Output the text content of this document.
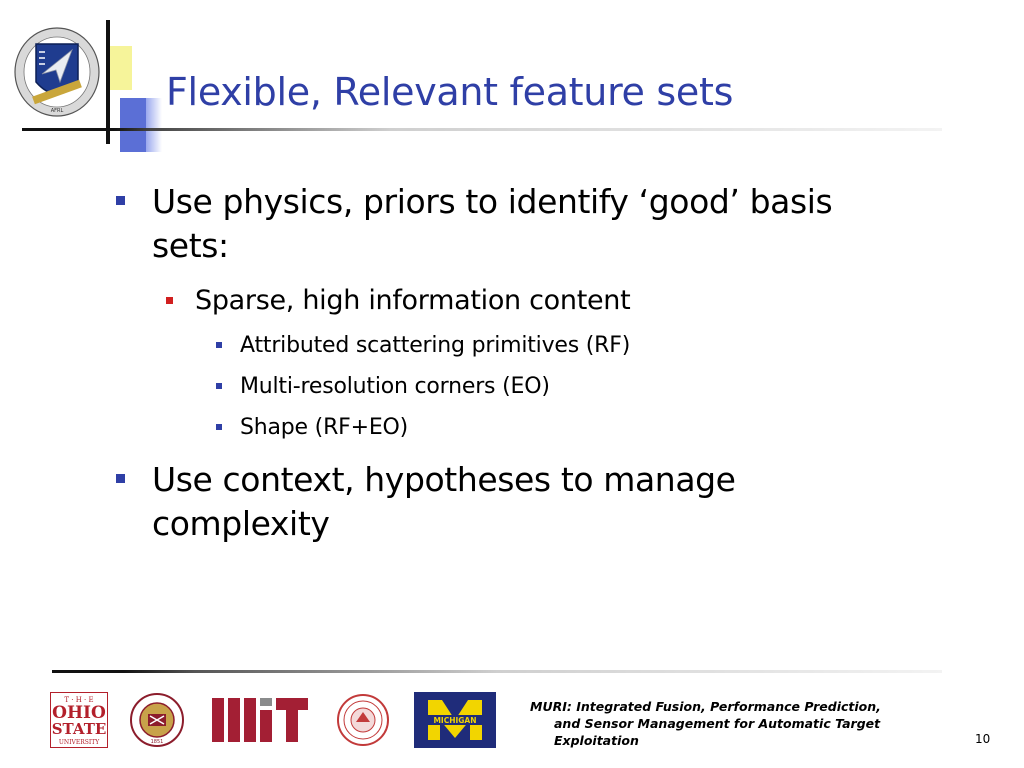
AFRL	Flexible, Relevant feature sets
Use physics, priors to identify ‘good’ basis sets:
Sparse, high information content
Attributed scattering primitives (RF)
Multi-resolution corners (EO)
Shape (RF+EO)
Use context, hypotheses to manage complexity
T · H · E
OHIO
STATE
UNIVERSITY	1851
MICHIGAN
MURI: Integrated Fusion, Performance Prediction,
and Sensor Management for Automatic Target
Exploitation	10
